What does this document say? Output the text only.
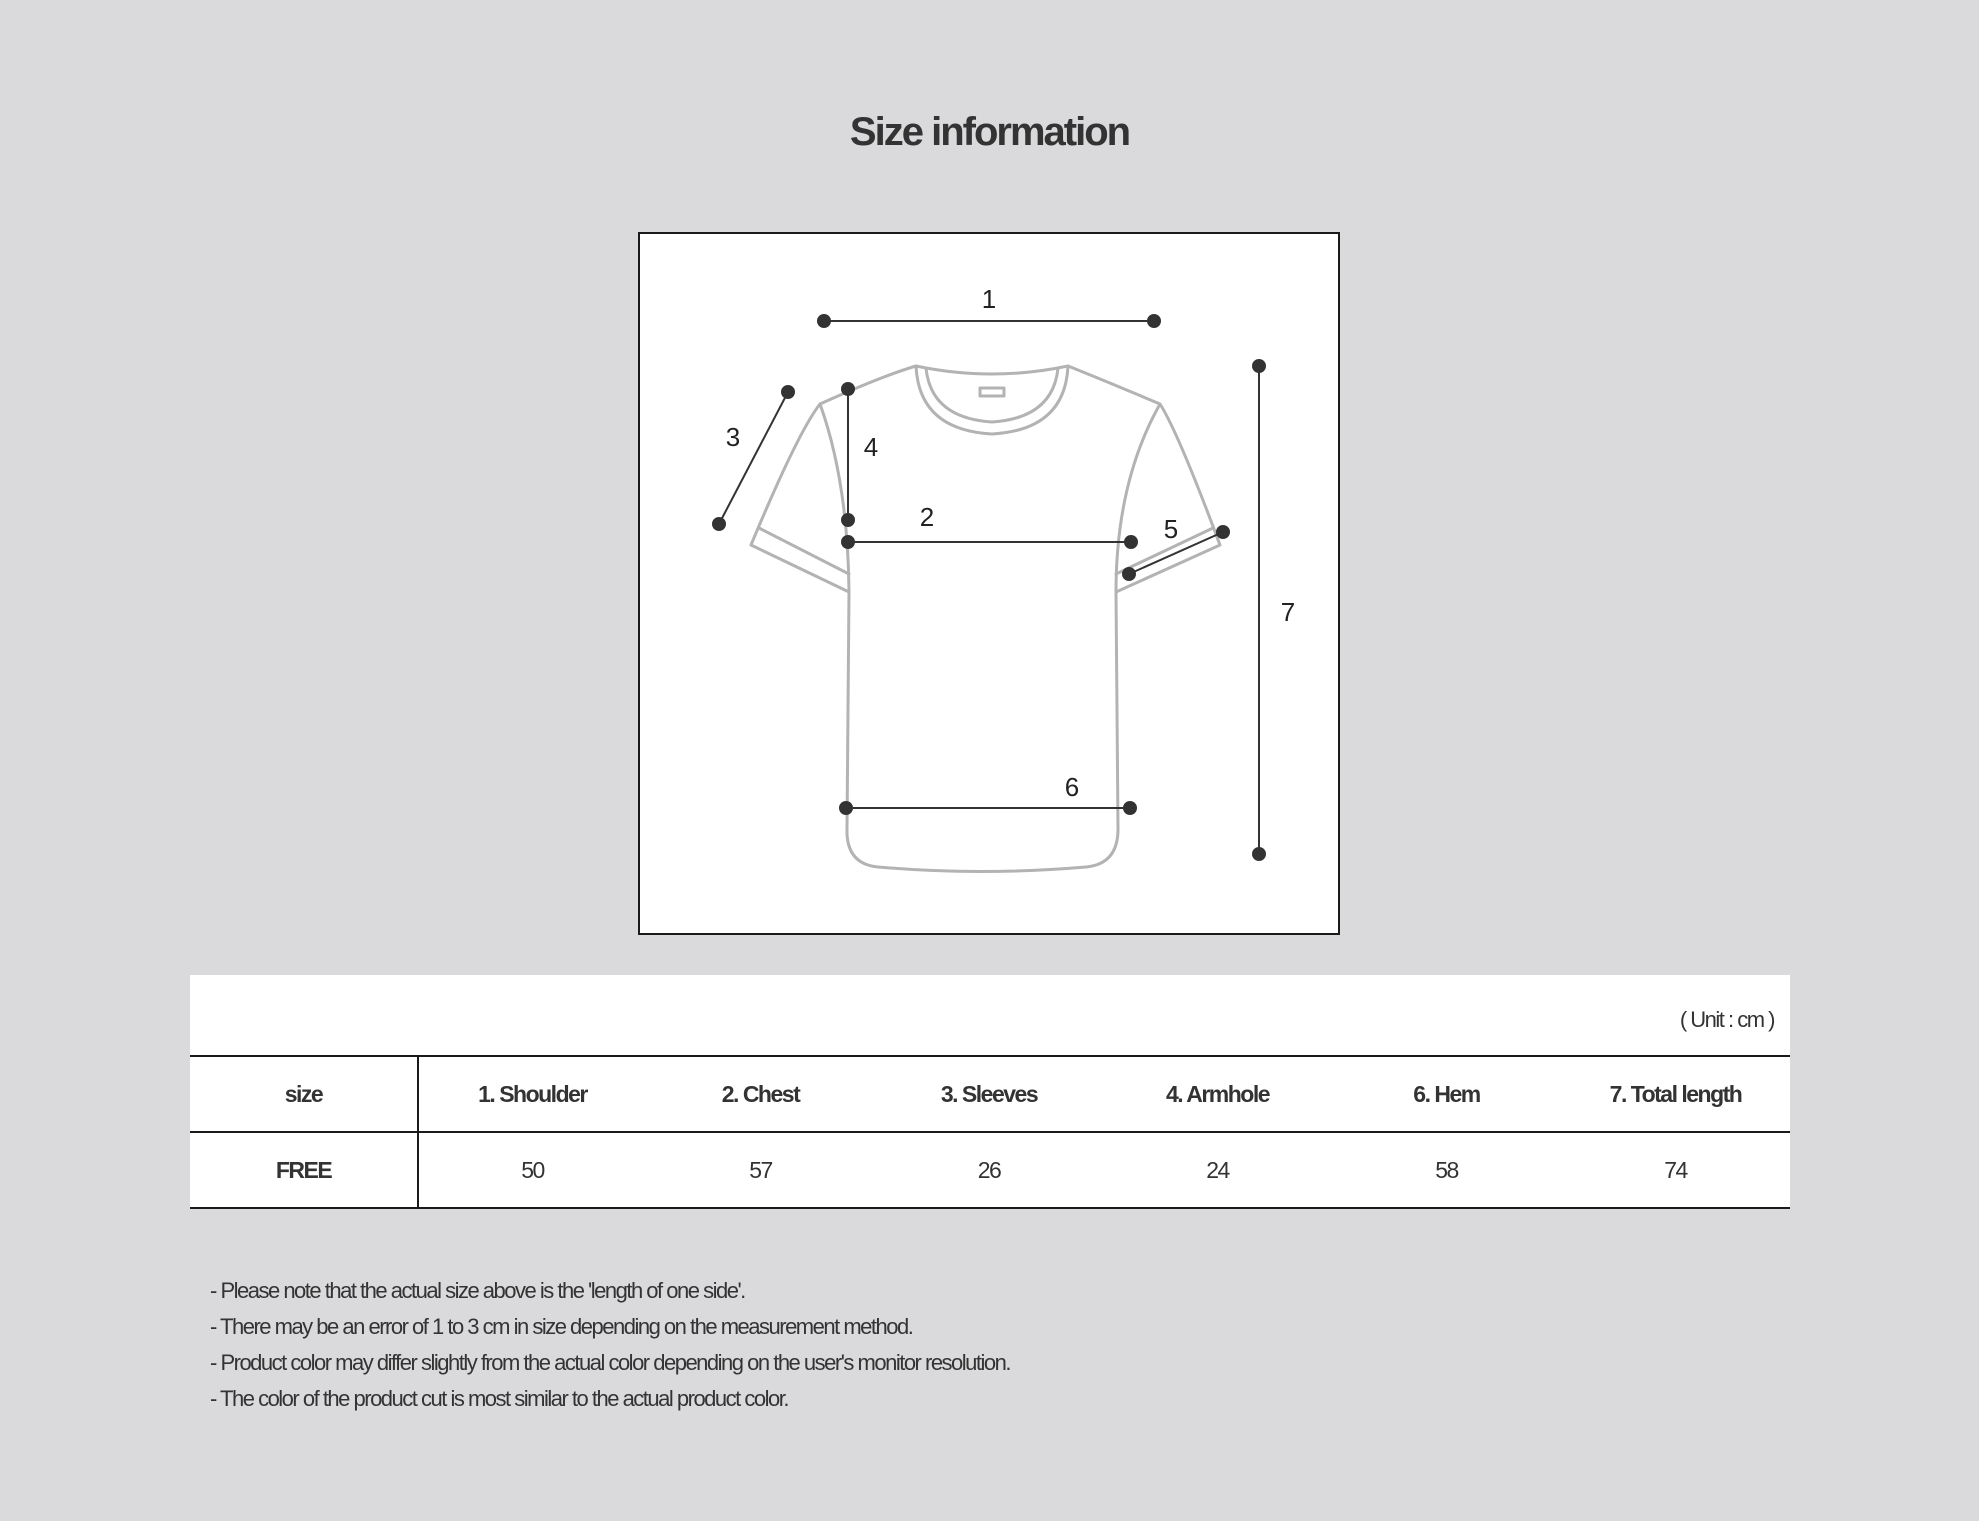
Size information
1
2
3	4
5
6
7
( Unit : cm )
size	1. Shoulder	2. Chest	3. Sleeves	4. Armhole	6. Hem	7. Total length
FREE	50	57	26	24	58	74
- Please note that the actual size above is the 'length of one side'.
- There may be an error of 1 to 3 cm in size depending on the measurement method.
- Product color may differ slightly from the actual color depending on the user's monitor resolution.
- The color of the product cut is most similar to the actual product color.
